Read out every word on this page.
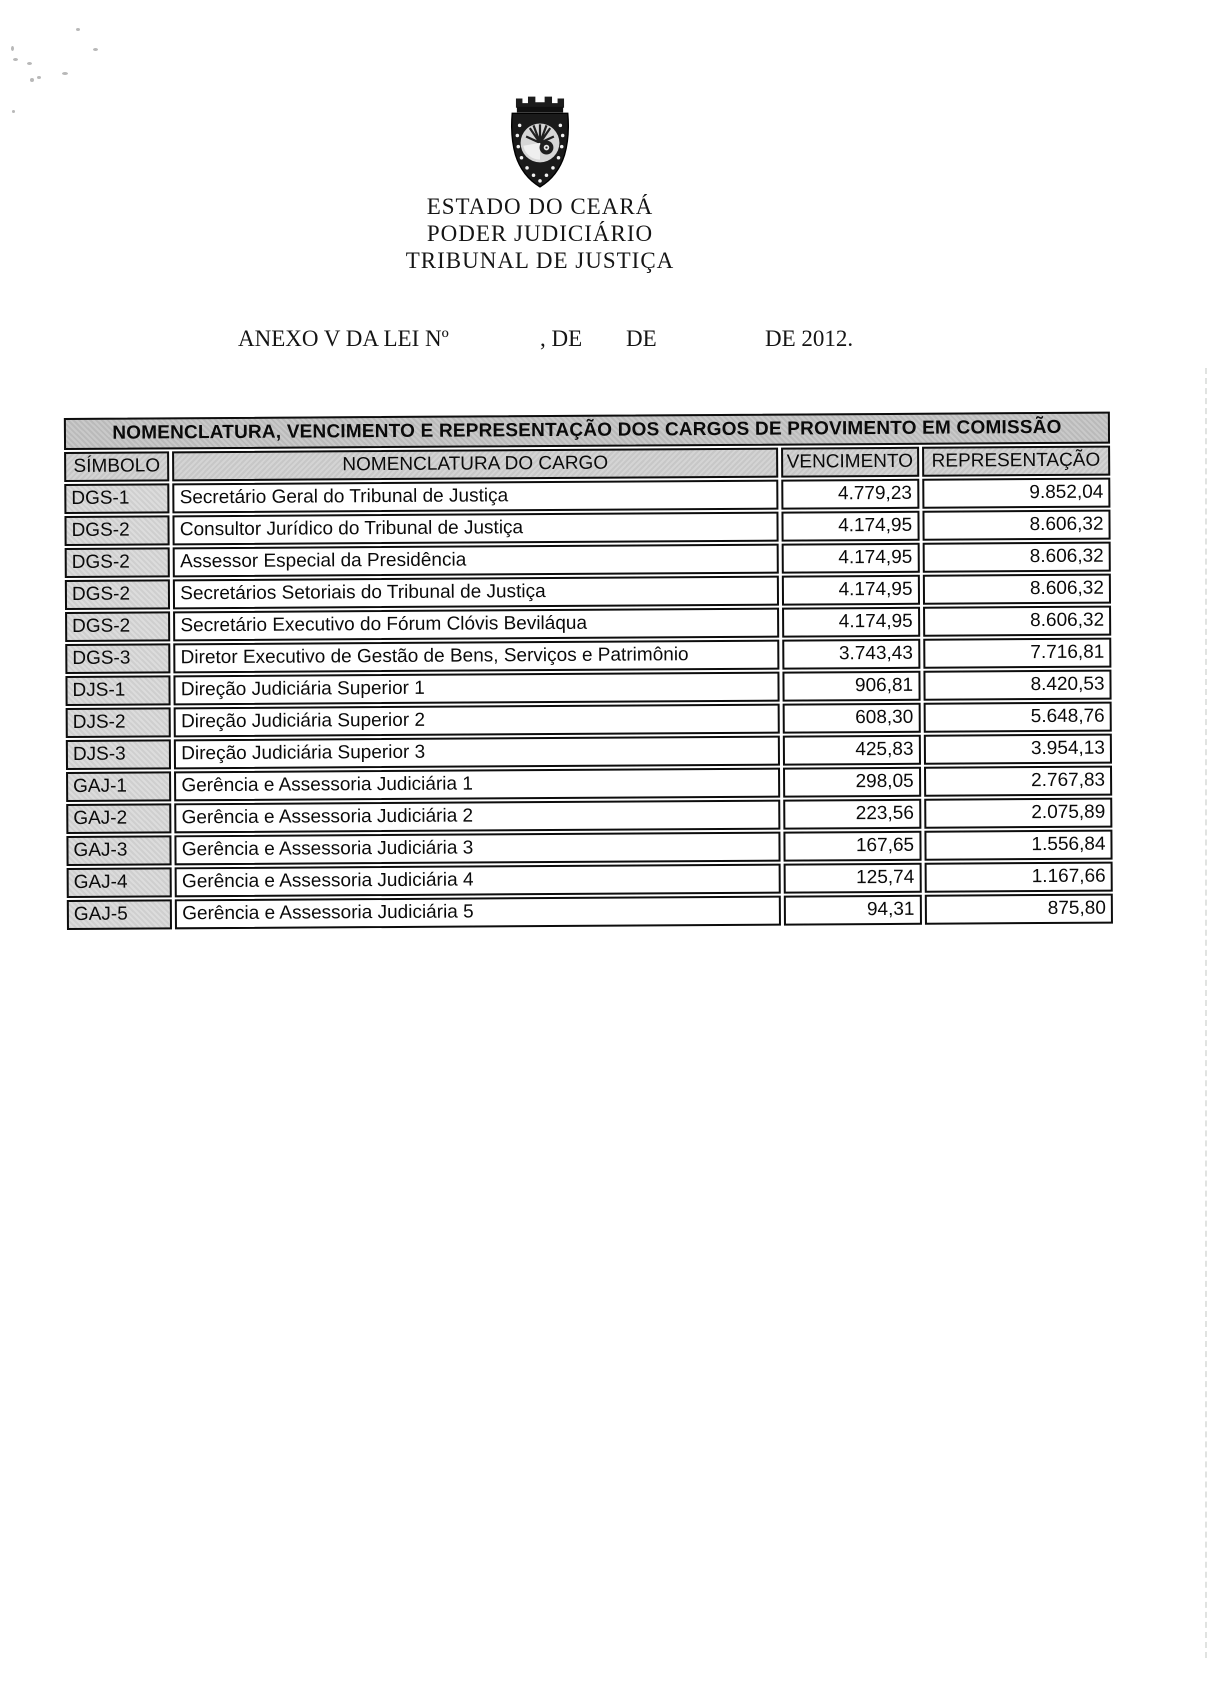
ESTADO DO CEARÁ
PODER JUDICIÁRIO
TRIBUNAL DE JUSTIÇA
ANEXO V DA LEI Nº	, DE DE	DE 2012.
NOMENCLATURA, VENCIMENTO E REPRESENTAÇÃO DOS CARGOS DE PROVIMENTO EM COMISSÃO			
SÍMBOLO	NOMENCLATURA DO CARGO	VENCIMENTO	REPRESENTAÇÃO
DGS-1	Secretário Geral do Tribunal de Justiça	4.779,23	9.852,04
DGS-2	Consultor Jurídico do Tribunal de Justiça	4.174,95	8.606,32
DGS-2	Assessor Especial da Presidência	4.174,95	8.606,32
DGS-2	Secretários Setoriais do Tribunal de Justiça	4.174,95	8.606,32
DGS-2	Secretário Executivo do Fórum Clóvis Beviláqua	4.174,95	8.606,32
DGS-3	Diretor Executivo de Gestão de Bens, Serviços e Patrimônio	3.743,43	7.716,81
DJS-1	Direção Judiciária Superior 1	906,81	8.420,53
DJS-2	Direção Judiciária Superior 2	608,30	5.648,76
DJS-3	Direção Judiciária Superior 3	425,83	3.954,13
GAJ-1	Gerência e Assessoria Judiciária 1	298,05	2.767,83
GAJ-2	Gerência e Assessoria Judiciária 2	223,56	2.075,89
GAJ-3	Gerência e Assessoria Judiciária 3	167,65	1.556,84
GAJ-4	Gerência e Assessoria Judiciária 4	125,74	1.167,66
GAJ-5	Gerência e Assessoria Judiciária 5	94,31	875,80
